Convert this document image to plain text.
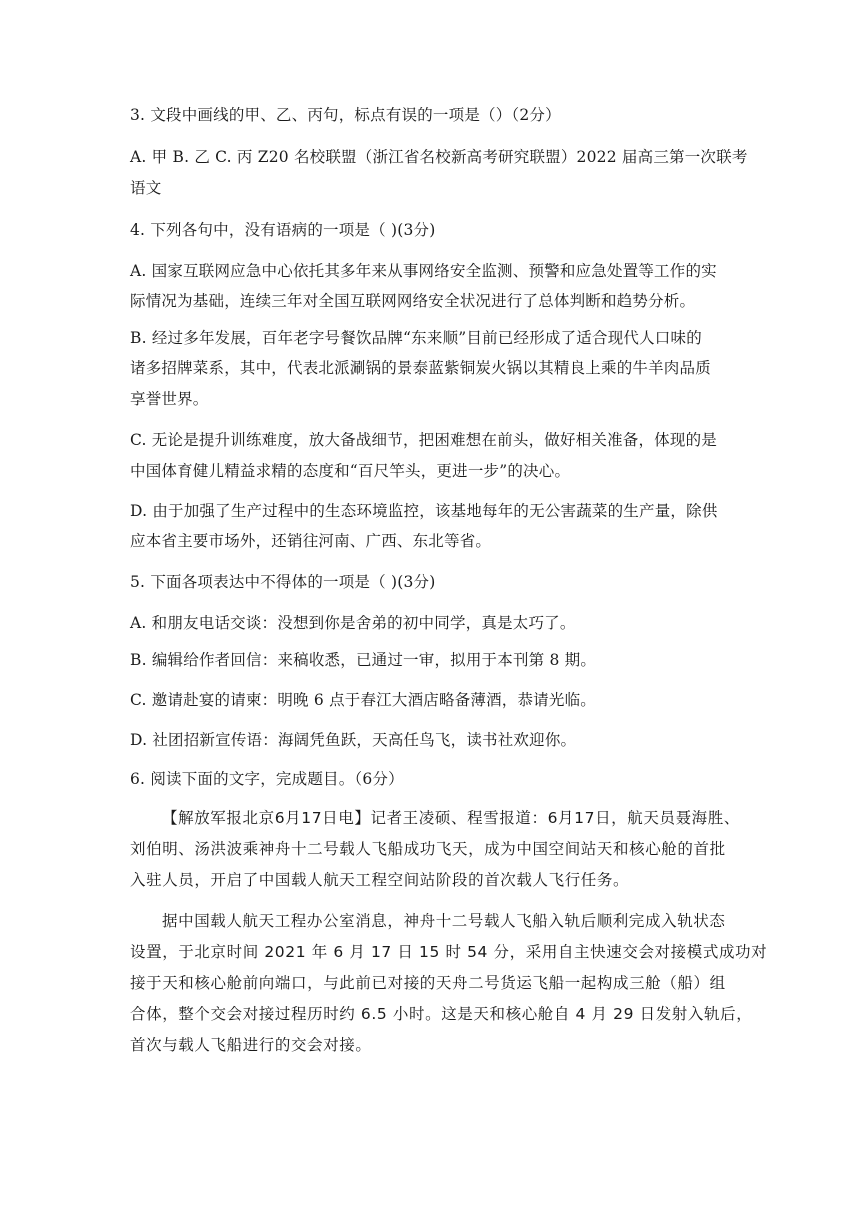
3. 文段中画线的甲、乙、丙句，标点有误的一项是（）（2分）
A. 甲 B. 乙 C. 丙 Z20 名校联盟（浙江省名校新高考研究联盟）2022 届高三第一次联考
语文
4. 下列各句中，没有语病的一项是（ )(3分)
A. 国家互联网应急中心依托其多年来从事网络安全监测、预警和应急处置等工作的实
际情况为基础，连续三年对全国互联网网络安全状况进行了总体判断和趋势分析。
B. 经过多年发展，百年老字号餐饮品牌“东来顺”目前已经形成了适合现代人口味的
诸多招牌菜系，其中，代表北派涮锅的景泰蓝紫铜炭火锅以其精良上乘的牛羊肉品质
享誉世界。
C. 无论是提升训练难度，放大备战细节，把困难想在前头，做好相关准备，体现的是
中国体育健儿精益求精的态度和“百尺竿头，更进一步”的决心。
D. 由于加强了生产过程中的生态环境监控，该基地每年的无公害蔬菜的生产量，除供
应本省主要市场外，还销往河南、广西、东北等省。
5. 下面各项表达中不得体的一项是（ )(3分)
A. 和朋友电话交谈：没想到你是舍弟的初中同学，真是太巧了。
B. 编辑给作者回信：来稿收悉，已通过一审，拟用于本刊第 8 期。
C. 邀请赴宴的请柬：明晚 6 点于春江大酒店略备薄酒，恭请光临。
D. 社团招新宣传语：海阔凭鱼跃，天高任鸟飞，读书社欢迎你。
6. 阅读下面的文字，完成题目。（6分）
【解放军报北京6月17日电】记者王凌硕、程雪报道：6月17日，航天员聂海胜、
刘伯明、汤洪波乘神舟十二号载人飞船成功飞天，成为中国空间站天和核心舱的首批
入驻人员，开启了中国载人航天工程空间站阶段的首次载人飞行任务。
据中国载人航天工程办公室消息，神舟十二号载人飞船入轨后顺利完成入轨状态
设置，于北京时间 2021 年 6 月 17 日 15 时 54 分，采用自主快速交会对接模式成功对
接于天和核心舱前向端口，与此前已对接的天舟二号货运飞船一起构成三舱（船）组
合体，整个交会对接过程历时约 6.5 小时。这是天和核心舱自 4 月 29 日发射入轨后，
首次与载人飞船进行的交会对接。
